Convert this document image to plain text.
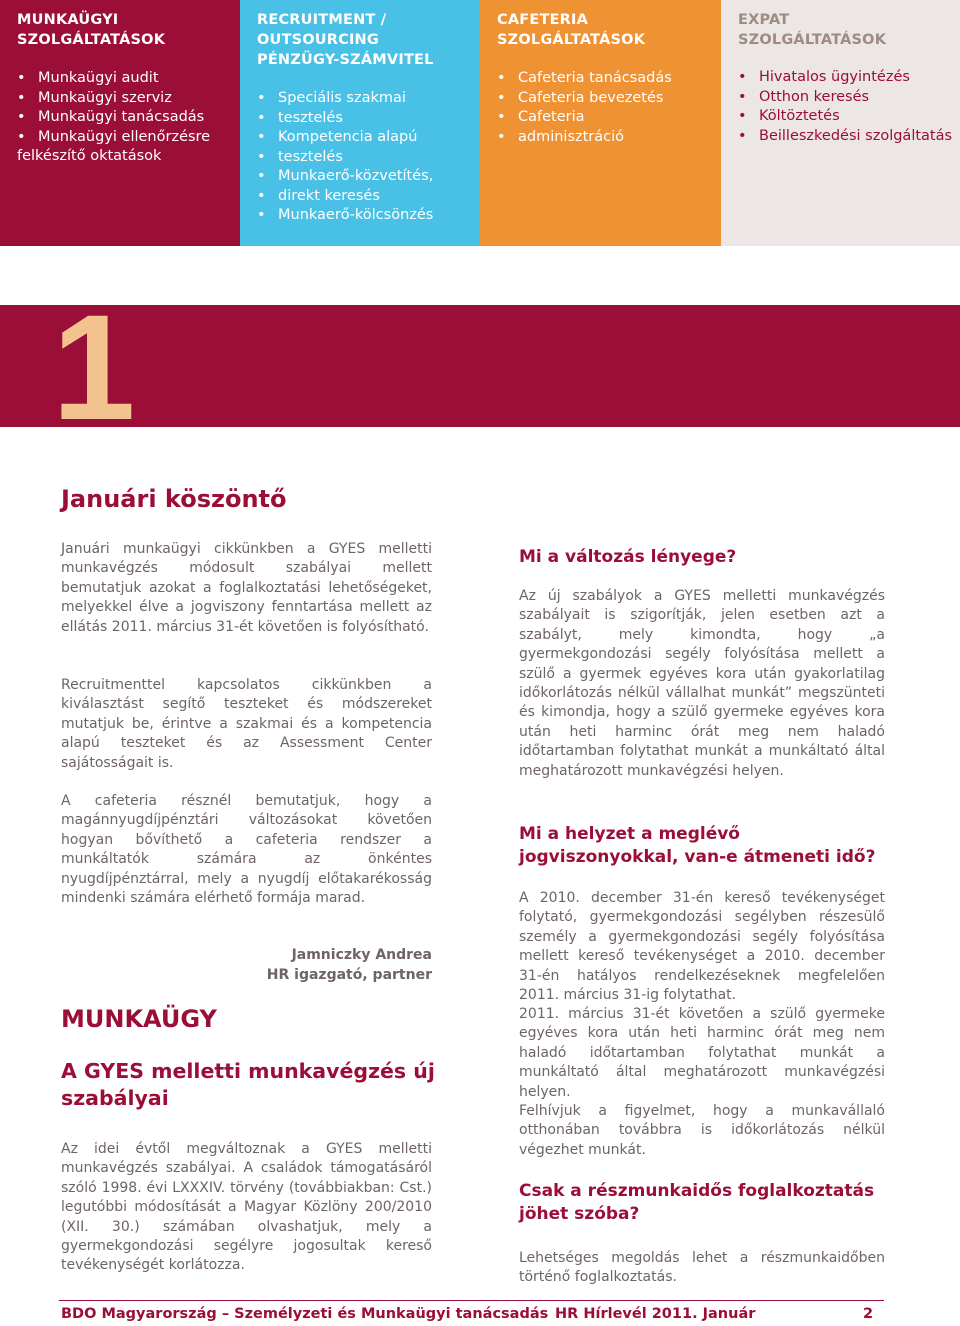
MUNKAÜGYI
SZOLGÁLTATÁSOK
• Munkaügyi audit
• Munkaügyi szerviz
• Munkaügyi tanácsadás
• Munkaügyi ellenőrzésre
felkészítő oktatások
RECRUITMENT /
OUTSOURCING
PÉNZÜGY-SZÁMVITEL
• Speciális szakmai
• tesztelés
• Kompetencia alapú
• tesztelés
• Munkaerő-közvetítés,
• direkt keresés
• Munkaerő-kölcsönzés
CAFETERIA
SZOLGÁLTATÁSOK
• Cafeteria tanácsadás
• Cafeteria bevezetés
• Cafeteria
• adminisztráció
EXPAT
SZOLGÁLTATÁSOK
• Hivatalos ügyintézés
• Otthon keresés
• Költöztetés
• Beilleszkedési szolgáltatás
1
Januári köszöntő

Januári munkaügyi cikkünkben a GYES melletti munkavégzés módosult szabályai mellett bemutatjuk azokat a foglalkoztatási lehetőségeket, melyekkel élve a jogviszony fenntartása mellett az ellátás 2011. március 31-ét követően is folyósítható.

Recruitmenttel kapcsolatos cikkünkben a kiválasztást segítő teszteket és módszereket mutatjuk be, érintve a szakmai és a kompetencia alapú teszteket és az Assessment Center sajátosságait is.

A cafeteria résznél bemutatjuk, hogy a magánnyugdíjpénztári változásokat követően hogyan bővíthető a cafeteria rendszer a munkáltatók számára az önkéntes nyugdíjpénztárral, mely a nyugdíj előtakarékosság mindenki számára elérhető formája marad.

Jamniczky Andrea
HR igazgató, partner
MUNKAÜGY
A GYES melletti munkavégzés új
szabályai

Az idei évtől megváltoznak a GYES melletti munkavégzés szabályai. A családok támogatásáról szóló 1998. évi LXXXIV. törvény (továbbiakban: Cst.) legutóbbi módosítását a Magyar Közlöny 200/2010 (XII. 30.) számában olvashatjuk, mely a gyermekgondozási segélyre jogosultak kereső tevékenységét korlátozza.

Mi a változás lényege?

Az új szabályok a GYES melletti munkavégzés szabályait is szigorítják, jelen esetben azt a szabályt, mely kimondta, hogy „a gyermekgondozási segély folyósítása mellett a szülő a gyermek egyéves kora után gyakorlatilag időkorlátozás nélkül vállalhat munkát” megszünteti és kimondja, hogy a szülő gyermeke egyéves kora után heti harminc órát meg nem haladó időtartamban folytathat munkát a munkáltató által meghatározott munkavégzési helyen.

Mi a helyzet a meglévő jogviszonyokkal, van-e átmeneti idő?

A 2010. december 31-én kereső tevékenységet folytató, gyermekgondozási segélyben részesülő személy a gyermekgondozási segély folyósítása mellett kereső tevékenységet a 2010. december 31-én hatályos rendelkezéseknek megfelelően 2011. március 31-ig folytathat.

2011. március 31-ét követően a szülő gyermeke egyéves kora után heti harminc órát meg nem haladó időtartamban folytathat munkát a munkáltató által meghatározott munkavégzési helyen.

Felhívjuk a figyelmet, hogy a munkavállaló otthonában továbbra is időkorlátozás nélkül végezhet munkát.

Csak a részmunkaidős foglalkoztatás jöhet szóba?

Lehetséges megoldás lehet a részmunkaidőben történő foglalkoztatás.

BDO Magyarország – Személyzeti és Munkaügyi tanácsadás HR Hírlevél 2011. Január	2
